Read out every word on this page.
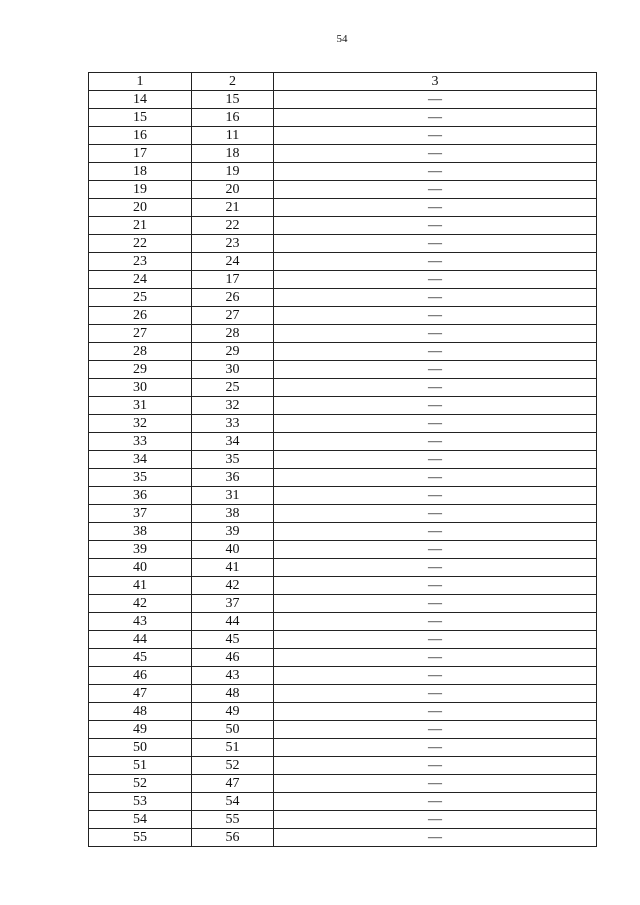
54
1	2	3
14	15	—
15	16	—
16	11	—
17	18	—
18	19	—
19	20	—
20	21	—
21	22	—
22	23	—
23	24	—
24	17	—
25	26	—
26	27	—
27	28	—
28	29	—
29	30	—
30	25	—
31	32	—
32	33	—
33	34	—
34	35	—
35	36	—
36	31	—
37	38	—
38	39	—
39	40	—
40	41	—
41	42	—
42	37	—
43	44	—
44	45	—
45	46	—
46	43	—
47	48	—
48	49	—
49	50	—
50	51	—
51	52	—
52	47	—
53	54	—
54	55	—
55	56	—
